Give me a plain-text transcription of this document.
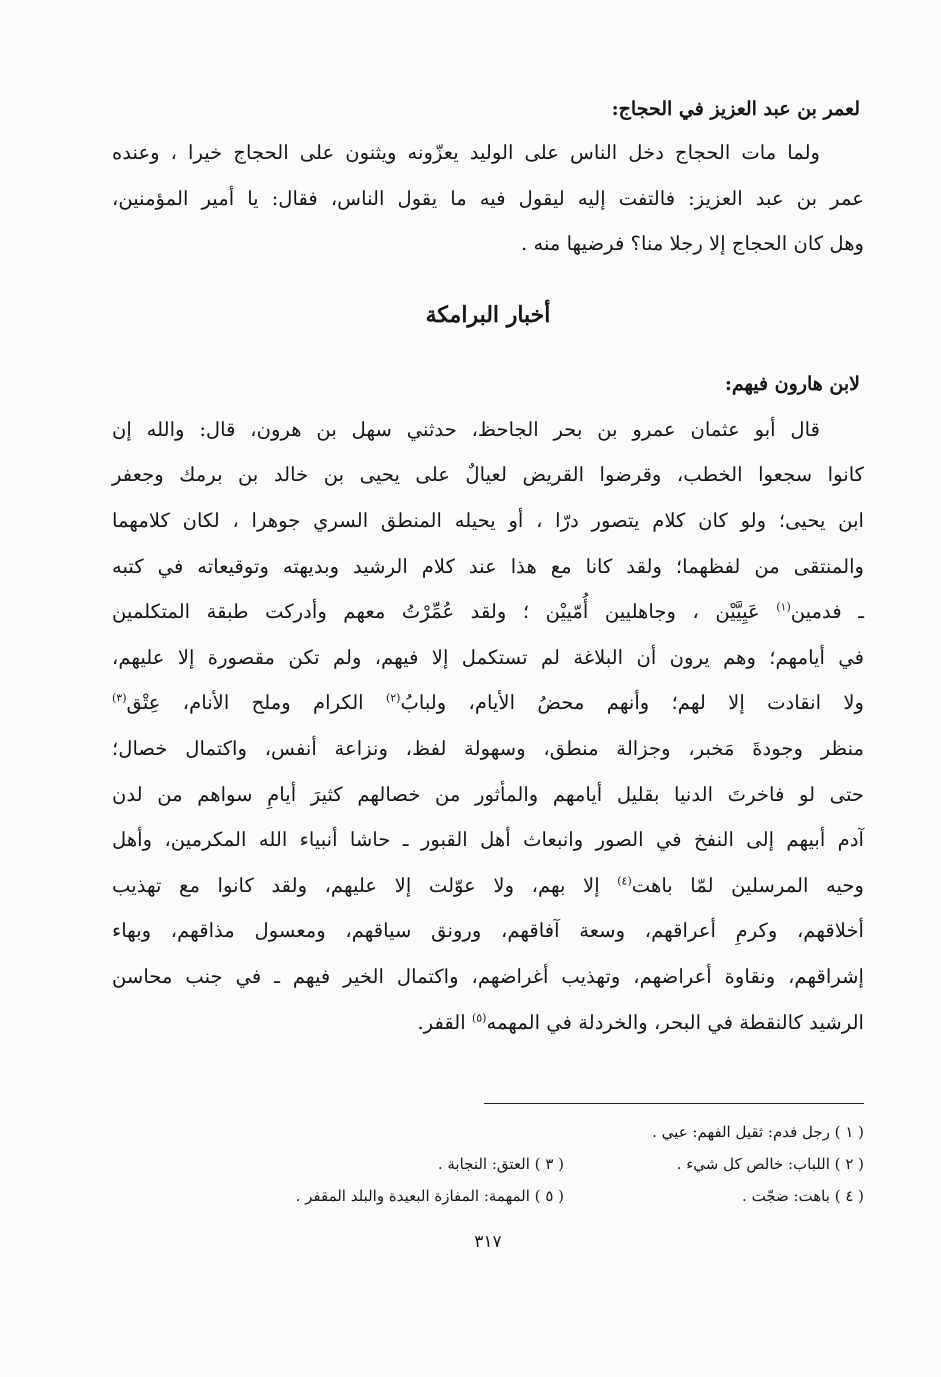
لعمر بن عبد العزيز في الحجاج:
ولما مات الحجاج دخل الناس على الوليد يعزّونه ويثنون على الحجاج خيرا ، وعنده
عمر بن عبد العزيز: فالتفت إليه ليقول فيه ما يقول الناس، فقال: يا أمير المؤمنين،
وهل كان الحجاج إلا رجلا منا؟ فرضيها منه .
أخبار البرامكة
لابن هارون فيهم:
قال أبو عثمان عمرو بن بحر الجاحظ، حدثني سهل بن هرون، قال: والله إن
كانوا سجعوا الخطب، وقرضوا القريض لعيالٌ على يحيى بن خالد بن برمك وجعفر
ابن يحيى؛ ولو كان كلام يتصور درّا ، أو يحيله المنطق السري جوهرا ، لكان كلامهما
والمنتقى من لفظهما؛ ولقد كانا مع هذا عند كلام الرشيد وبديهته وتوقيعاته في كتبه
ـ فدمين$^{(١)}$ عَيِيَّيْن ، وجاهليين أُمّييْن ؛ ولقد عُمِّرْتُ معهم وأدركت طبقة المتكلمين
في أيامهم؛ وهم يرون أن البلاغة لم تستكمل إلا فيهم، ولم تكن مقصورة إلا عليهم،
ولا انقادت إلا لهم؛ وأنهم محضُ الأيام، ولبابُ$^{(٢)}$ الكرام وملح الأنام، عِتْق$^{(٣)}$
منظر وجودةَ مَخبر، وجزالة منطق، وسهولة لفظ، ونزاعة أنفس، واكتمال خصال؛
حتى لو فاخرتَ الدنيا بقليل أيامهم والمأثور من خصالهم كثيرَ أيامِ سواهم من لدن
آدم أبيهم إلى النفخ في الصور وانبعاث أهل القبور ـ حاشا أنبياء الله المكرمين، وأهل
وحيه المرسلين لمّا باهت$^{(٤)}$ إلا بهم، ولا عوّلت إلا عليهم، ولقد كانوا مع تهذيب
أخلاقهم، وكرمِ أعراقهم، وسعة آفاقهم، ورونق سياقهم، ومعسول مذاقهم، وبهاء
إشراقهم، ونقاوة أعراضهم، وتهذيب أغراضهم، واكتمال الخير فيهم ـ في جنب محاسن
الرشيد كالنقطة في البحر، والخردلة في المهمه$^{(٥)}$ القفر.
( ١ ) رجل فدم: ثقيل الفهم: عيي .
( ٢ ) اللباب: خالص كل شيء .
( ٣ ) العتق: النجابة .
( ٤ ) باهت: ضجّت .
( ٥ ) المهمة: المفازة البعيدة والبلد المقفر .
٣١٧
